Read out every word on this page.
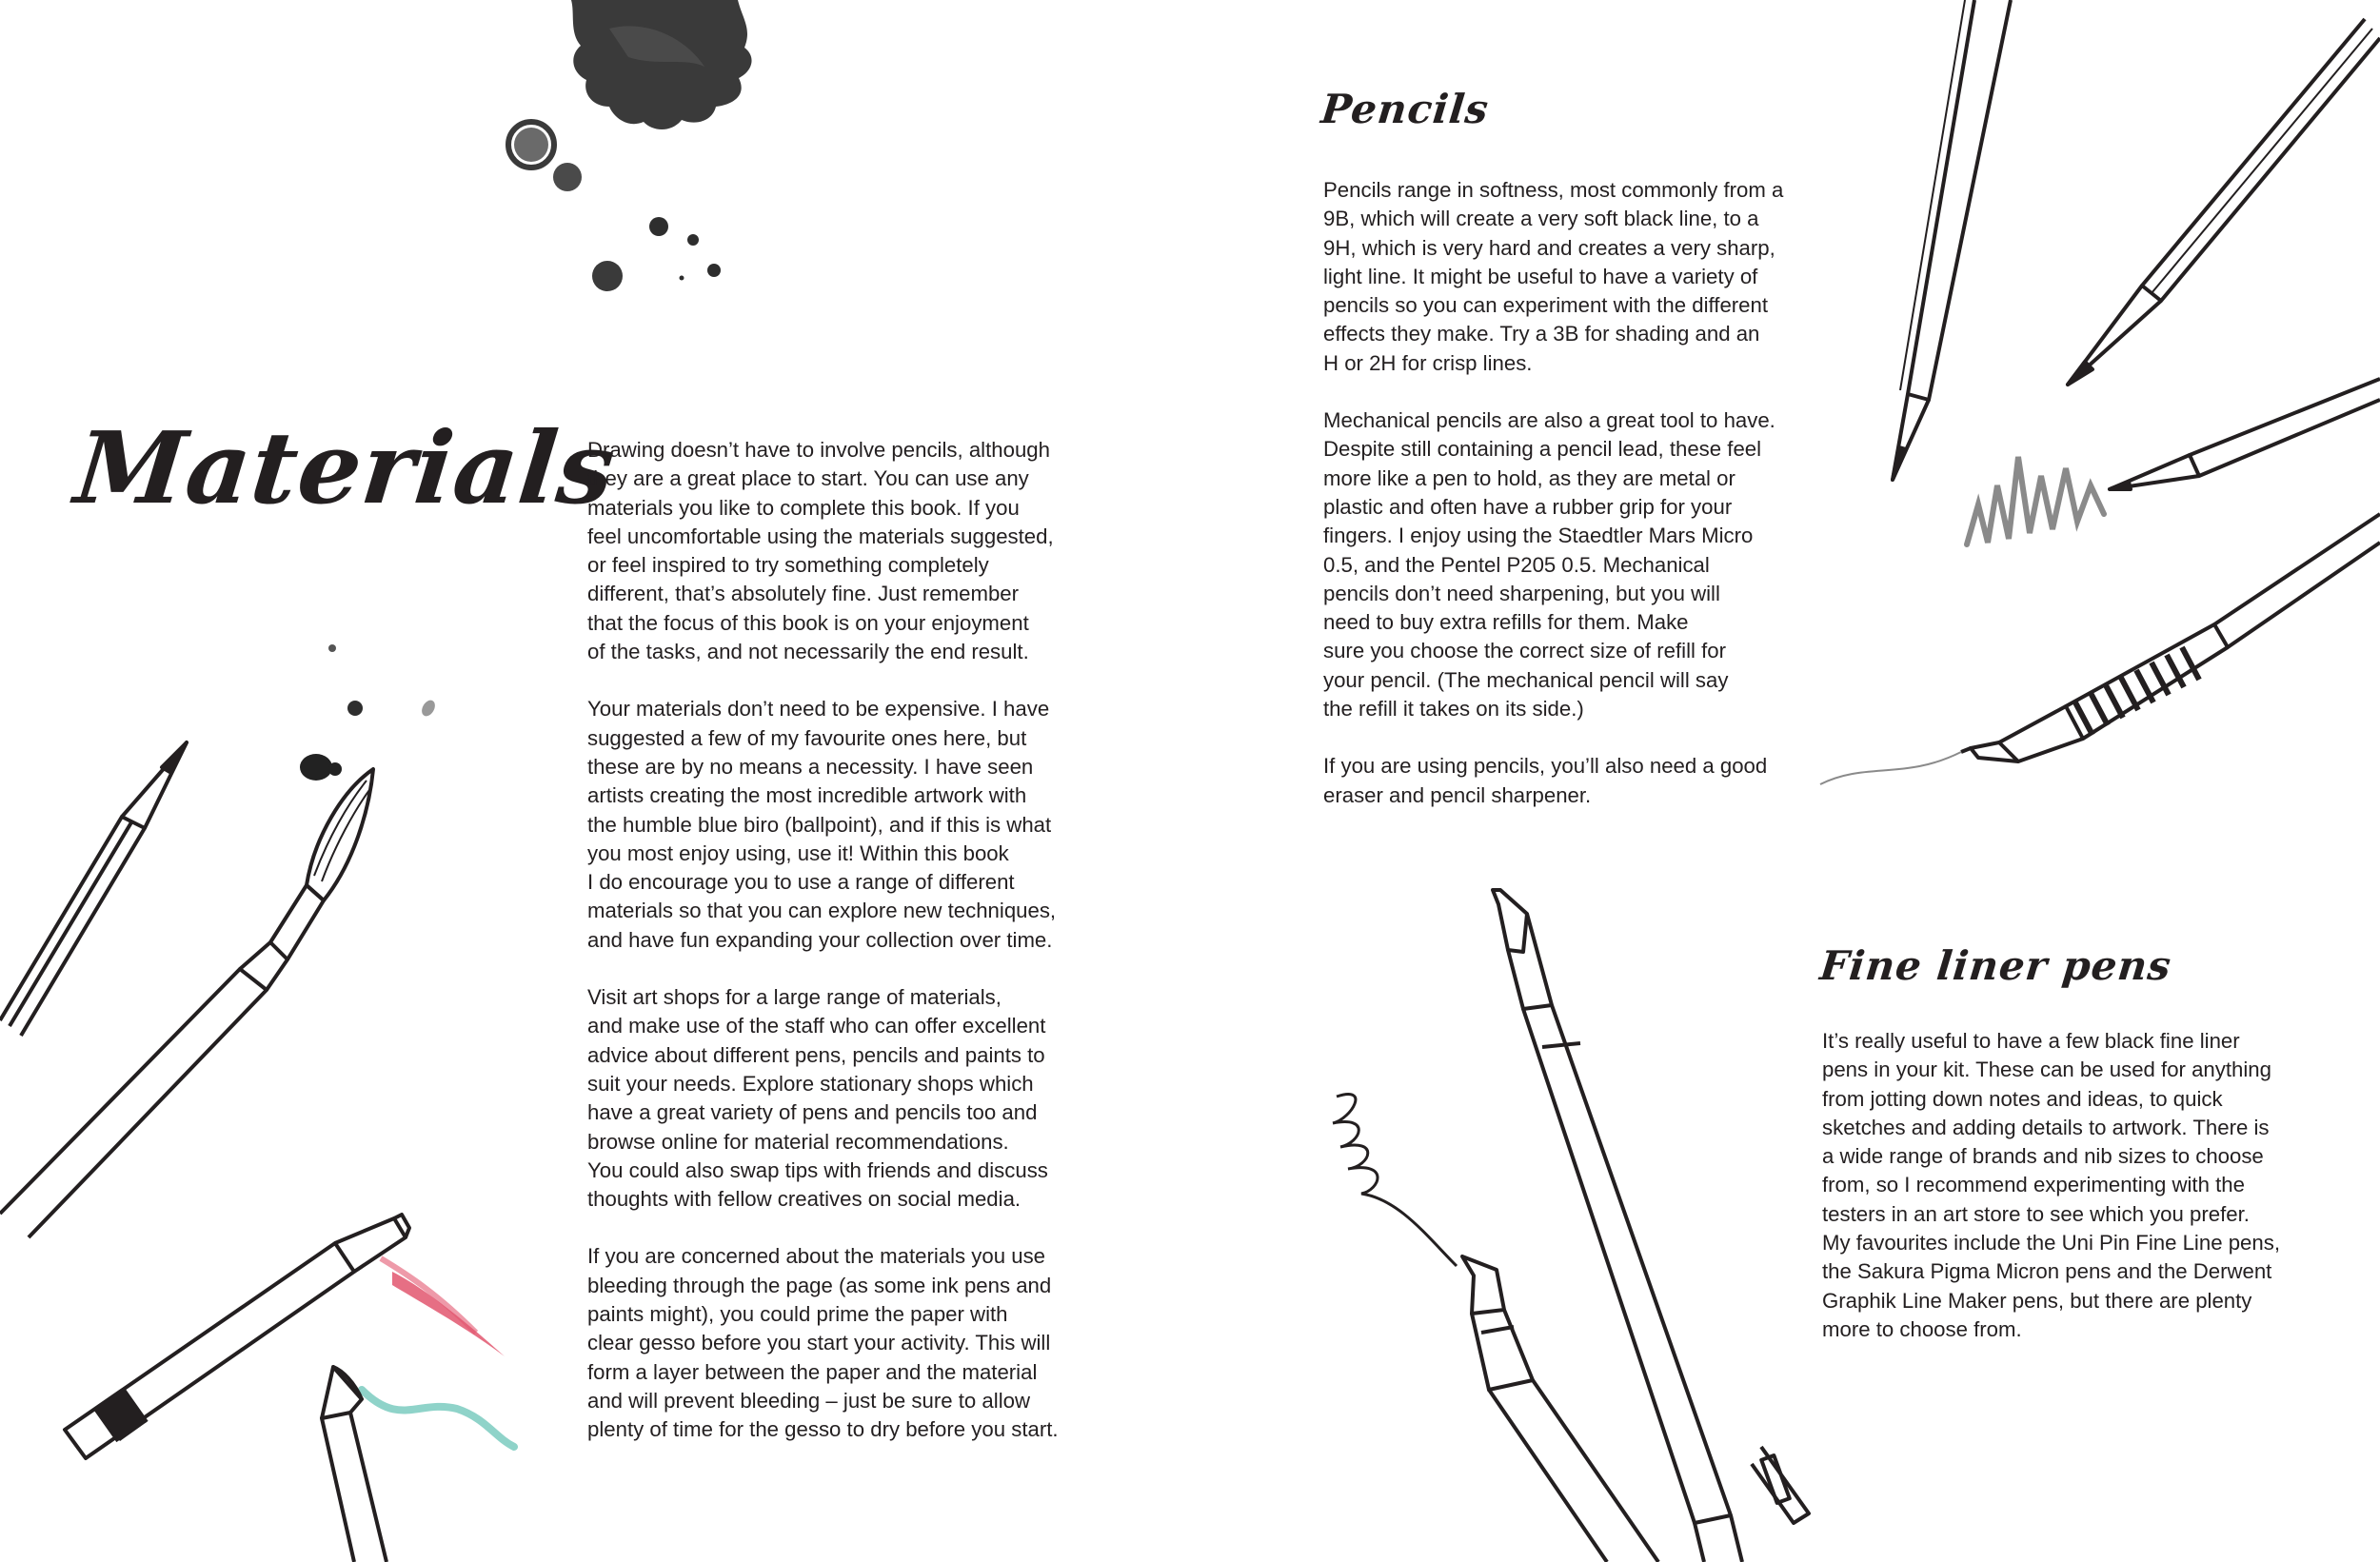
Materials

Drawing doesn’t have to involve pencils, although
they are a great place to start. You can use any
materials you like to complete this book. If you
feel uncomfortable using the materials suggested,
or feel inspired to try something completely
different, that’s absolutely fine. Just remember
that the focus of this book is on your enjoyment
of the tasks, and not necessarily the end result.

Your materials don’t need to be expensive. I have
suggested a few of my favourite ones here, but
these are by no means a necessity. I have seen
artists creating the most incredible artwork with
the humble blue biro (ballpoint), and if this is what
you most enjoy using, use it! Within this book
I do encourage you to use a range of different
materials so that you can explore new techniques,
and have fun expanding your collection over time.

Visit art shops for a large range of materials,
and make use of the staff who can offer excellent
advice about different pens, pencils and paints to
suit your needs. Explore stationary shops which
have a great variety of pens and pencils too and
browse online for material recommendations.
You could also swap tips with friends and discuss
thoughts with fellow creatives on social media.

If you are concerned about the materials you use
bleeding through the page (as some ink pens and
paints might), you could prime the paper with
clear gesso before you start your activity. This will
form a layer between the paper and the material
and will prevent bleeding – just be sure to allow
plenty of time for the gesso to dry before you start.

Pencils

Pencils range in softness, most commonly from a
9B, which will create a very soft black line, to a
9H, which is very hard and creates a very sharp,
light line. It might be useful to have a variety of
pencils so you can experiment with the different
effects they make. Try a 3B for shading and an
H or 2H for crisp lines.

Mechanical pencils are also a great tool to have.
Despite still containing a pencil lead, these feel
more like a pen to hold, as they are metal or
plastic and often have a rubber grip for your
fingers. I enjoy using the Staedtler Mars Micro
0.5, and the Pentel P205 0.5. Mechanical
pencils don’t need sharpening, but you will
need to buy extra refills for them. Make
sure you choose the correct size of refill for
your pencil. (The mechanical pencil will say
the refill it takes on its side.)

If you are using pencils, you’ll also need a good
eraser and pencil sharpener.

Fine liner pens

It’s really useful to have a few black fine liner
pens in your kit. These can be used for anything
from jotting down notes and ideas, to quick
sketches and adding details to artwork. There is
a wide range of brands and nib sizes to choose
from, so I recommend experimenting with the
testers in an art store to see which you prefer.
My favourites include the Uni Pin Fine Line pens,
the Sakura Pigma Micron pens and the Derwent
Graphik Line Maker pens, but there are plenty
more to choose from.
